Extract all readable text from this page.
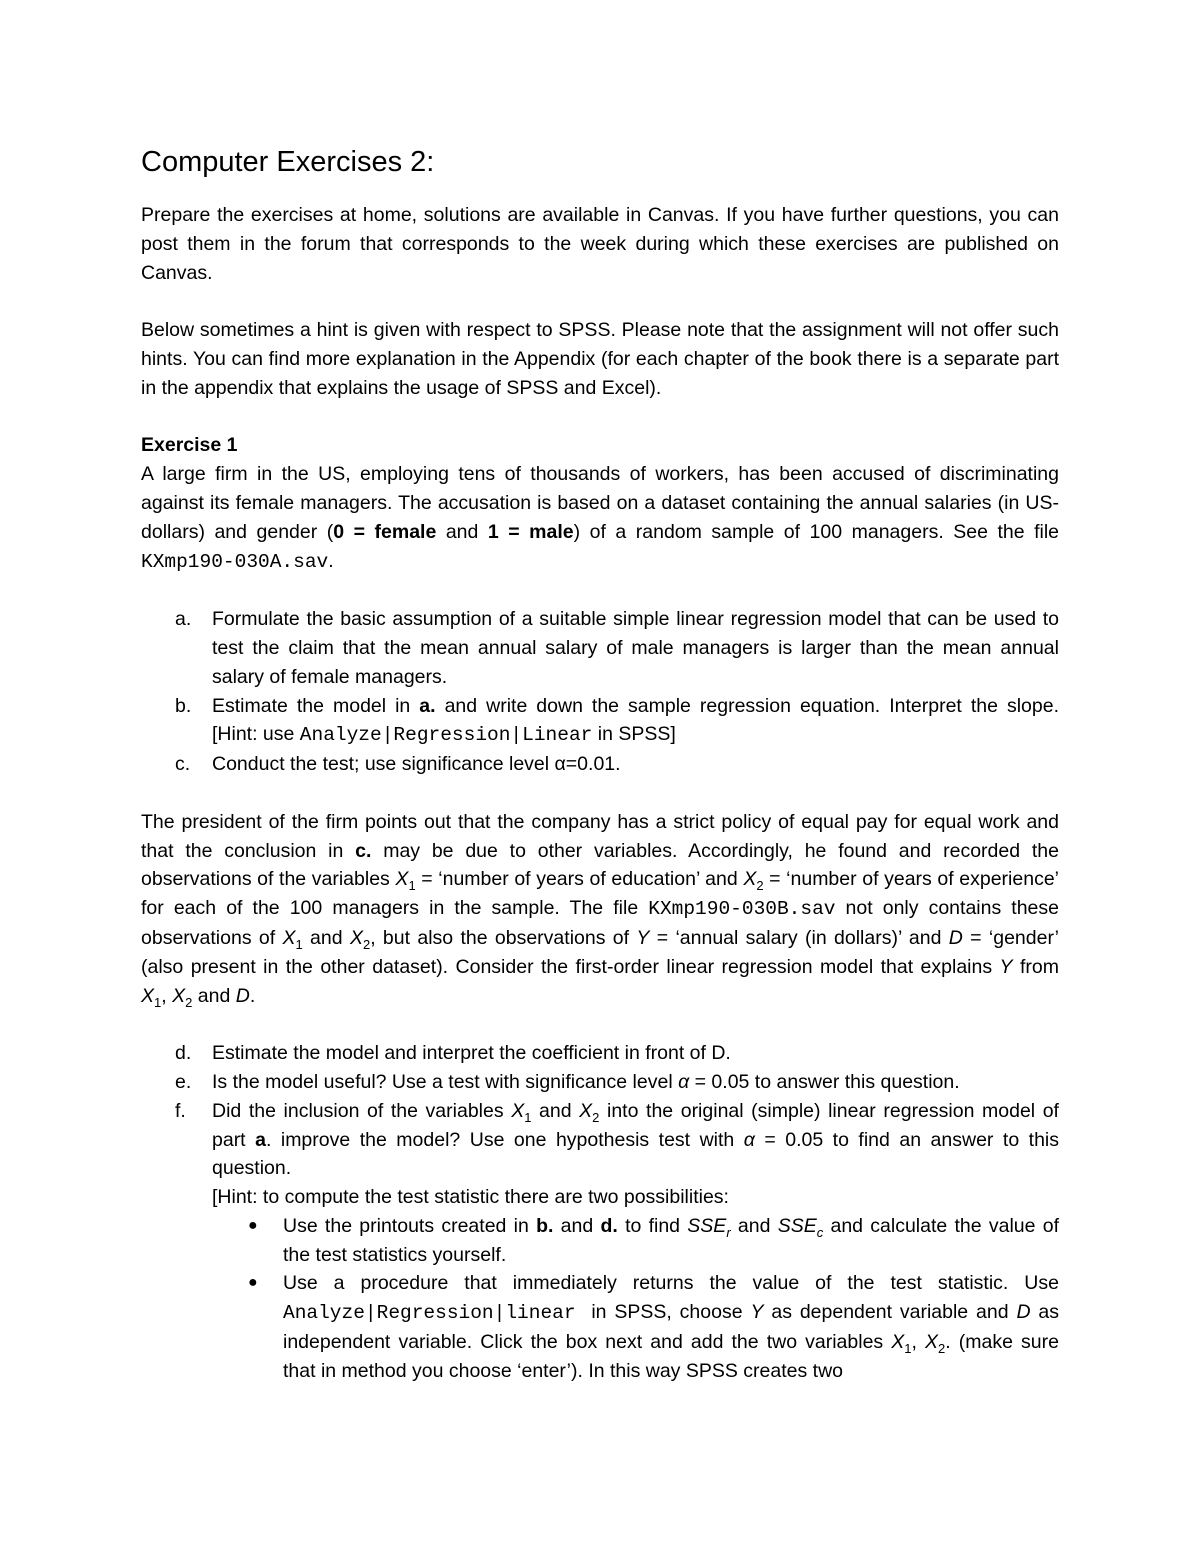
Computer Exercises 2:

Prepare the exercises at home, solutions are available in Canvas. If you have further questions, you can post them in the forum that corresponds to the week during which these exercises are published on Canvas.

Below sometimes a hint is given with respect to SPSS. Please note that the assignment will not offer such hints. You can find more explanation in the Appendix (for each chapter of the book there is a separate part in the appendix that explains the usage of SPSS and Excel).

Exercise 1

A large firm in the US, employing tens of thousands of workers, has been accused of discriminating against its female managers. The accusation is based on a dataset containing the annual salaries (in US-dollars) and gender (0 = female and 1 = male) of a random sample of 100 managers. See the file KXmp190-030A.sav.

a. Formulate the basic assumption of a suitable simple linear regression model that can be used to test the claim that the mean annual salary of male managers is larger than the mean annual salary of female managers.
b. Estimate the model in a. and write down the sample regression equation. Interpret the slope. [Hint: use Analyze|Regression|Linear in SPSS]
c. Conduct the test; use significance level α=0.01.

The president of the firm points out that the company has a strict policy of equal pay for equal work and that the conclusion in c. may be due to other variables. Accordingly, he found and recorded the observations of the variables $X_1$ = ‘number of years of education’ and $X_2$ = ‘number of years of experience’ for each of the 100 managers in the sample. The file KXmp190-030B.sav not only contains these observations of $X_1$ and $X_2$, but also the observations of Y = ‘annual salary (in dollars)’ and D = ‘gender’ (also present in the other dataset). Consider the first-order linear regression model that explains Y from $X_1$, $X_2$ and D.

d. Estimate the model and interpret the coefficient in front of D.
e. Is the model useful? Use a test with significance level α = 0.05 to answer this question.
f. Did the inclusion of the variables $X_1$ and $X_2$ into the original (simple) linear regression model of part a. improve the model? Use one hypothesis test with α = 0.05 to find an answer to this question.

[Hint: to compute the test statistic there are two possibilities:

● Use the printouts created in b. and d. to find $SSE_r$ and $SSE_c$ and calculate the value of the test statistics yourself.
● Use a procedure that immediately returns the value of the test statistic. Use Analyze|Regression|linear  in SPSS, choose Y as dependent variable and D as independent variable. Click the box next and add the two variables $X_1$, $X_2$. (make sure that in method you choose ‘enter’). In this way SPSS creates two
